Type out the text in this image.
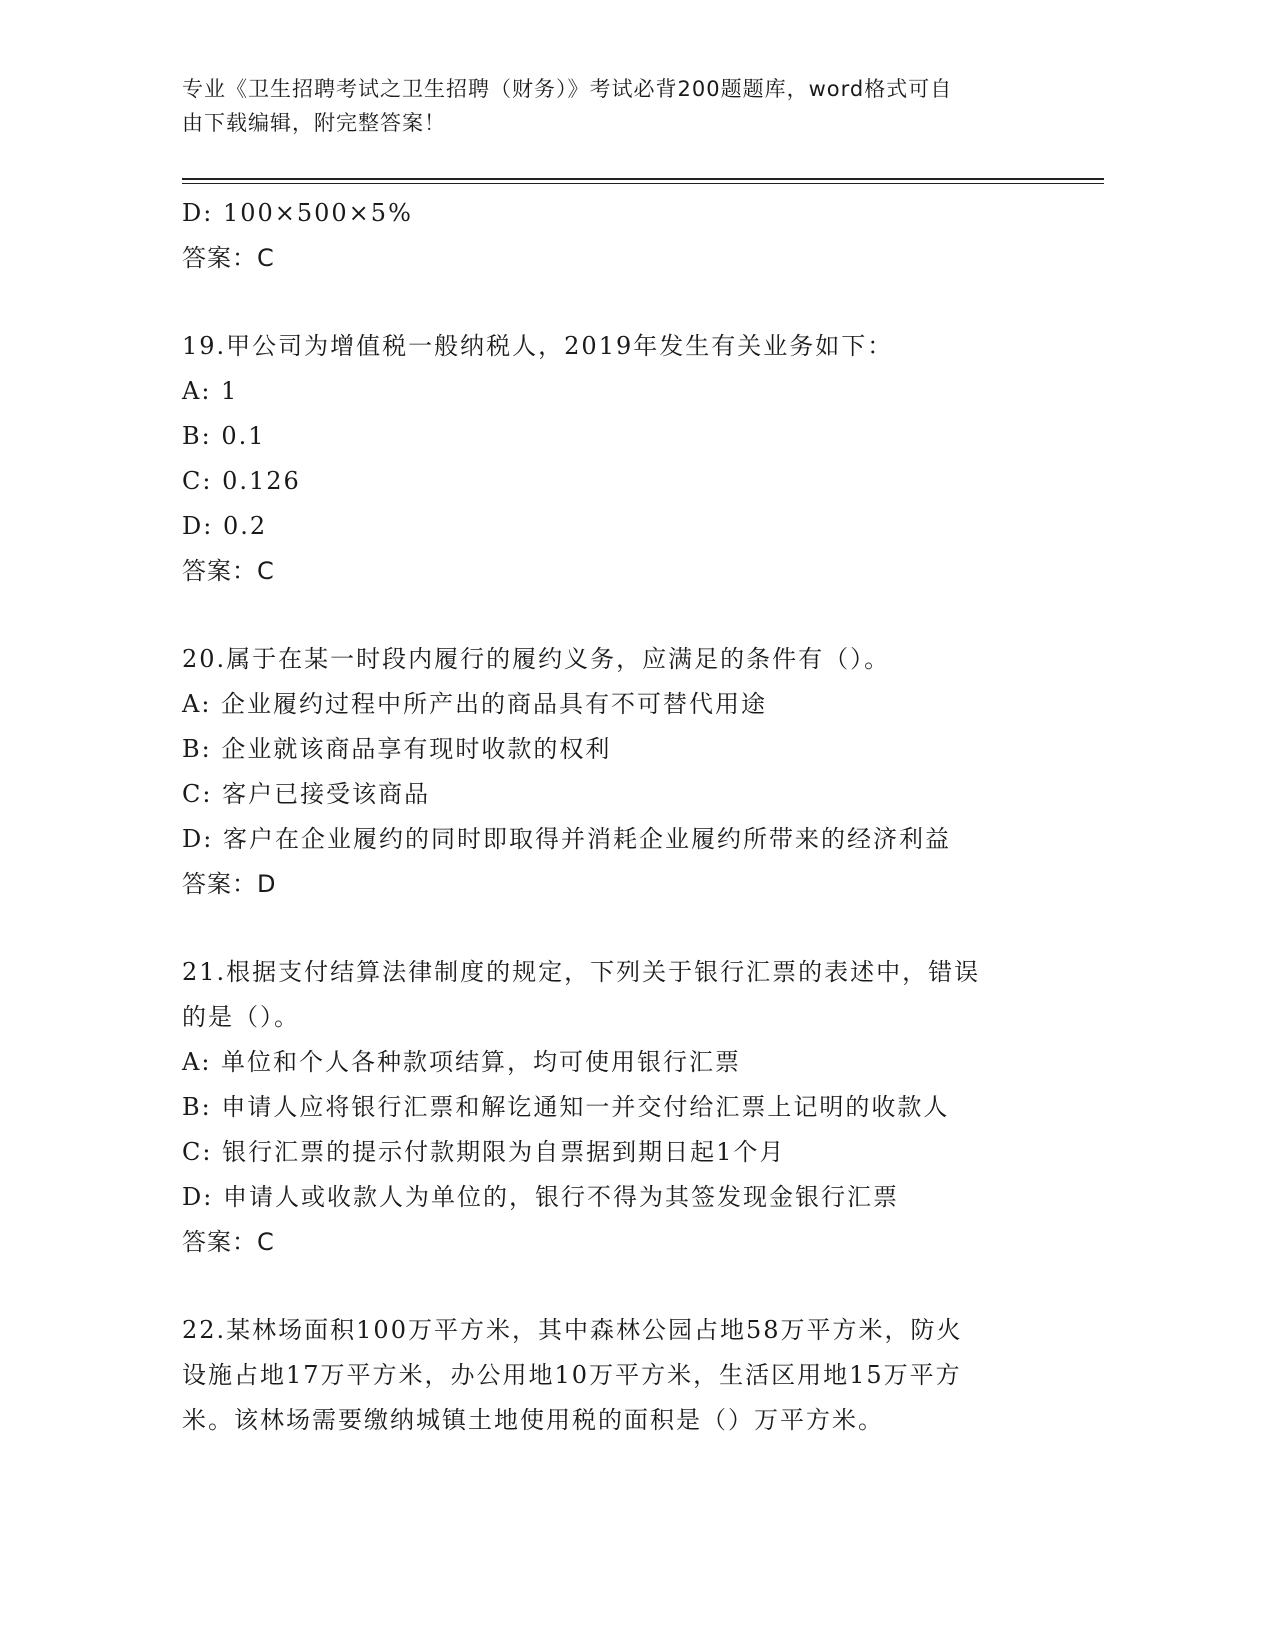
专业《卫生招聘考试之卫生招聘（财务）》考试必背200题题库，word格式可自
由下载编辑，附完整答案！
D: 100×500×5%
答案：C
19.甲公司为增值税一般纳税人，2019年发生有关业务如下：
A: 1
B: 0.1
C: 0.126
D: 0.2
答案：C
20.属于在某一时段内履行的履约义务，应满足的条件有（）。
A: 企业履约过程中所产出的商品具有不可替代用途
B: 企业就该商品享有现时收款的权利
C: 客户已接受该商品
D: 客户在企业履约的同时即取得并消耗企业履约所带来的经济利益
答案：D
21.根据支付结算法律制度的规定，下列关于银行汇票的表述中，错误
的是（）。
A: 单位和个人各种款项结算，均可使用银行汇票
B: 申请人应将银行汇票和解讫通知一并交付给汇票上记明的收款人
C: 银行汇票的提示付款期限为自票据到期日起1个月
D: 申请人或收款人为单位的，银行不得为其签发现金银行汇票
答案：C
22.某林场面积100万平方米，其中森林公园占地58万平方米，防火
设施占地17万平方米，办公用地10万平方米，生活区用地15万平方
米。该林场需要缴纳城镇土地使用税的面积是（）万平方米。
